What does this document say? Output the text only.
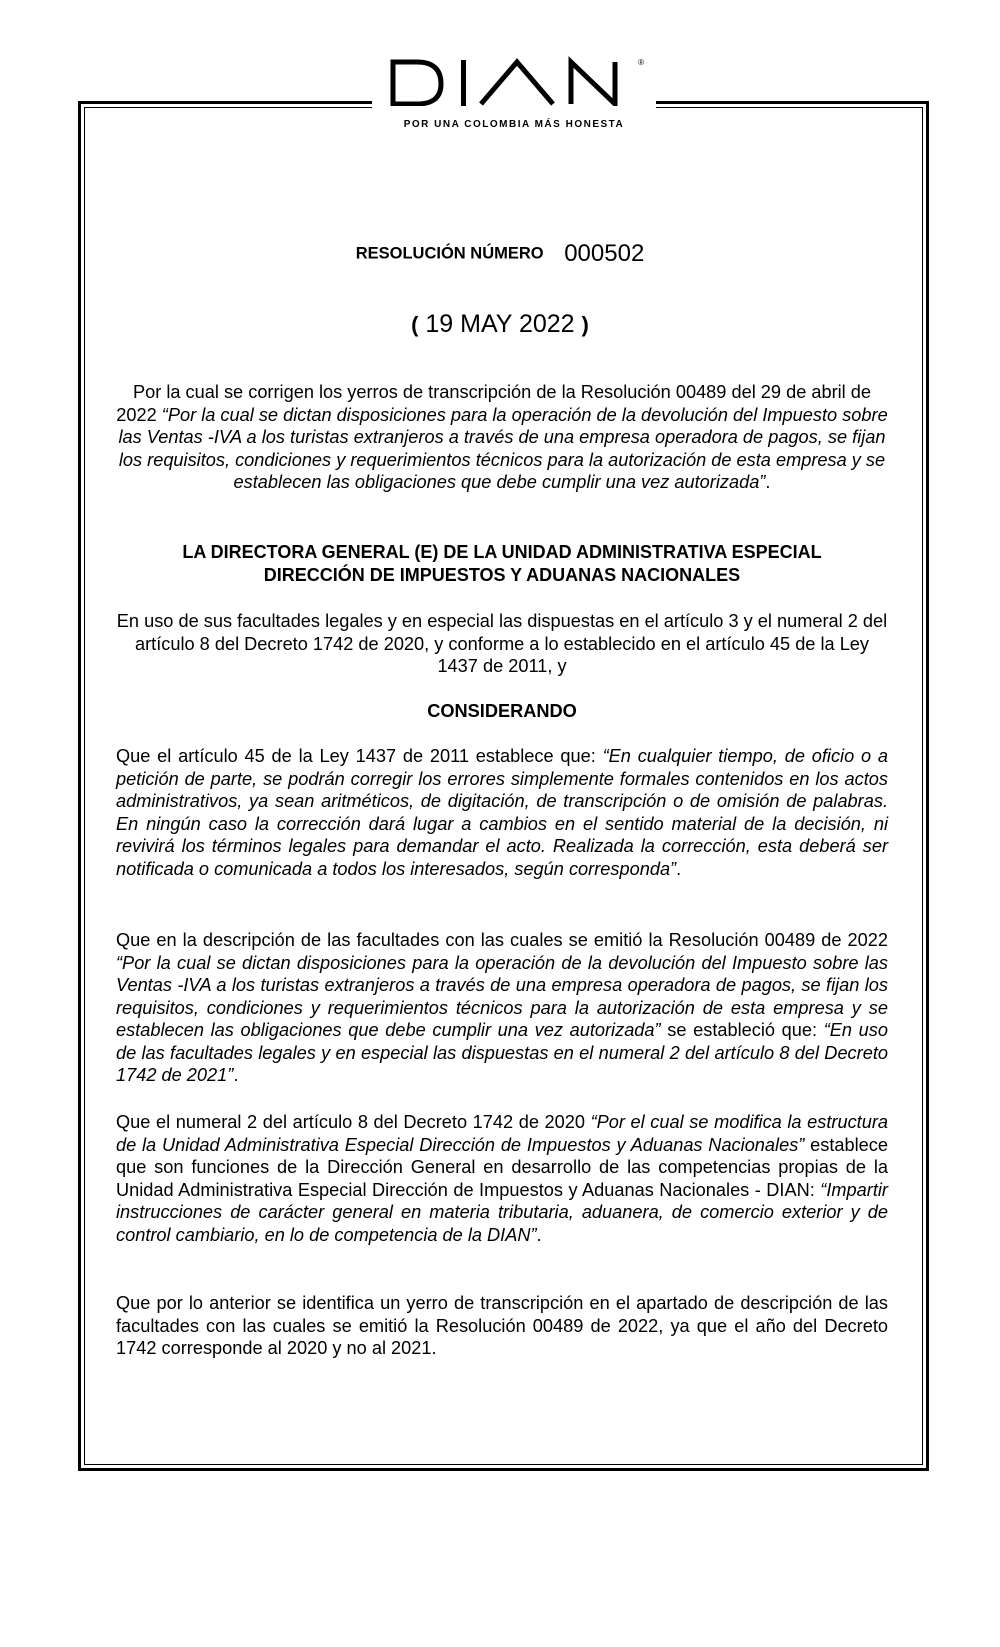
®
POR UNA COLOMBIA MÁS HONESTA
RESOLUCIÓN NÚMERO 000502
( 19 MAY 2022 )
Por la cual se corrigen los yerros de transcripción de la Resolución 00489 del 29 de abril de 2022 “Por la cual se dictan disposiciones para la operación de la devolución del Impuesto sobre las Ventas -IVA a los turistas extranjeros a través de una empresa operadora de pagos, se fijan los requisitos, condiciones y requerimientos técnicos para la autorización de esta empresa y se establecen las obligaciones que debe cumplir una vez autorizada”.
LA DIRECTORA GENERAL (E) DE LA UNIDAD ADMINISTRATIVA ESPECIAL
DIRECCIÓN DE IMPUESTOS Y ADUANAS NACIONALES
En uso de sus facultades legales y en especial las dispuestas en el artículo 3 y el numeral 2 del artículo 8 del Decreto 1742 de 2020, y conforme a lo establecido en el artículo 45 de la Ley 1437 de 2011, y
CONSIDERANDO
Que el artículo 45 de la Ley 1437 de 2011 establece que: “En cualquier tiempo, de oficio o a petición de parte, se podrán corregir los errores simplemente formales contenidos en los actos administrativos, ya sean aritméticos, de digitación, de transcripción o de omisión de palabras. En ningún caso la corrección dará lugar a cambios en el sentido material de la decisión, ni revivirá los términos legales para demandar el acto. Realizada la corrección, esta deberá ser notificada o comunicada a todos los interesados, según corresponda”.
Que en la descripción de las facultades con las cuales se emitió la Resolución 00489 de 2022 “Por la cual se dictan disposiciones para la operación de la devolución del Impuesto sobre las Ventas -IVA a los turistas extranjeros a través de una empresa operadora de pagos, se fijan los requisitos, condiciones y requerimientos técnicos para la autorización de esta empresa y se establecen las obligaciones que debe cumplir una vez autorizada” se estableció que: “En uso de las facultades legales y en especial las dispuestas en el numeral 2 del artículo 8 del Decreto 1742 de 2021”.
Que el numeral 2 del artículo 8 del Decreto 1742 de 2020 “Por el cual se modifica la estructura de la Unidad Administrativa Especial Dirección de Impuestos y Aduanas Nacionales” establece que son funciones de la Dirección General en desarrollo de las competencias propias de la Unidad Administrativa Especial Dirección de Impuestos y Aduanas Nacionales - DIAN: “Impartir instrucciones de carácter general en materia tributaria, aduanera, de comercio exterior y de control cambiario, en lo de competencia de la DIAN”.
Que por lo anterior se identifica un yerro de transcripción en el apartado de descripción de las facultades con las cuales se emitió la Resolución 00489 de 2022, ya que el año del Decreto 1742 corresponde al 2020 y no al 2021.
